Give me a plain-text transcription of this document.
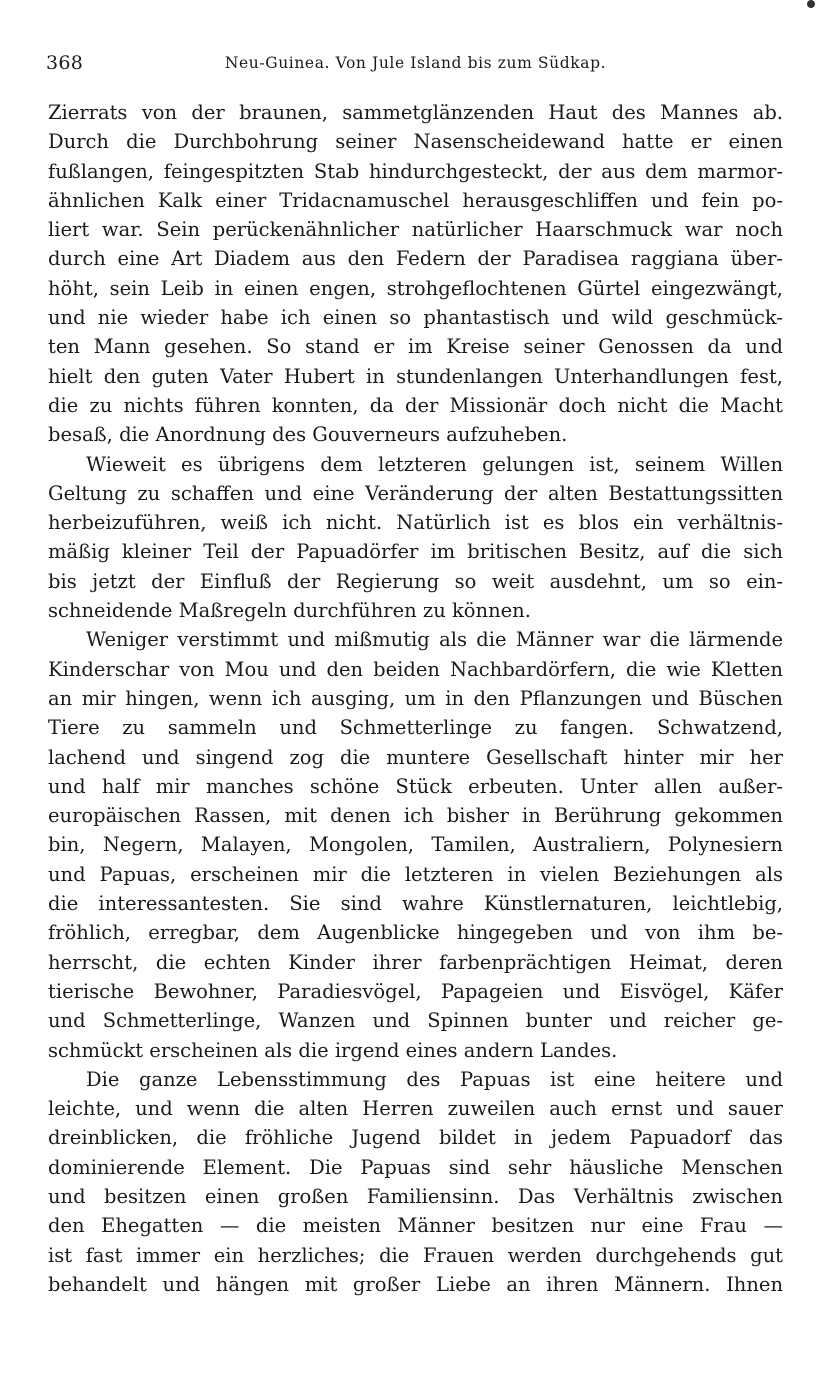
368	Neu-Guinea. Von Jule Island bis zum Südkap.
Zierrats von der braunen, sammetglänzenden Haut des Mannes ab.
Durch die Durchbohrung seiner Nasenscheidewand hatte er einen
fußlangen, feingespitzten Stab hindurchgesteckt, der aus dem marmor-
ähnlichen Kalk einer Tridacnamuschel herausgeschliffen und fein po-
liert war. Sein perückenähnlicher natürlicher Haarschmuck war noch
durch eine Art Diadem aus den Federn der Paradisea raggiana über-
höht, sein Leib in einen engen, strohgeflochtenen Gürtel eingezwängt,
und nie wieder habe ich einen so phantastisch und wild geschmück-
ten Mann gesehen. So stand er im Kreise seiner Genossen da und
hielt den guten Vater Hubert in stundenlangen Unterhandlungen fest,
die zu nichts führen konnten, da der Missionär doch nicht die Macht
besaß, die Anordnung des Gouverneurs aufzuheben.
Wieweit es übrigens dem letzteren gelungen ist, seinem Willen
Geltung zu schaffen und eine Veränderung der alten Bestattungssitten
herbeizuführen, weiß ich nicht. Natürlich ist es blos ein verhältnis-
mäßig kleiner Teil der Papuadörfer im britischen Besitz, auf die sich
bis jetzt der Einfluß der Regierung so weit ausdehnt, um so ein-
schneidende Maßregeln durchführen zu können.
Weniger verstimmt und mißmutig als die Männer war die lärmende
Kinderschar von Mou und den beiden Nachbardörfern, die wie Kletten
an mir hingen, wenn ich ausging, um in den Pflanzungen und Büschen
Tiere zu sammeln und Schmetterlinge zu fangen. Schwatzend,
lachend und singend zog die muntere Gesellschaft hinter mir her
und half mir manches schöne Stück erbeuten. Unter allen außer-
europäischen Rassen, mit denen ich bisher in Berührung gekommen
bin, Negern, Malayen, Mongolen, Tamilen, Australiern, Polynesiern
und Papuas, erscheinen mir die letzteren in vielen Beziehungen als
die interessantesten. Sie sind wahre Künstlernaturen, leichtlebig,
fröhlich, erregbar, dem Augenblicke hingegeben und von ihm be-
herrscht, die echten Kinder ihrer farbenprächtigen Heimat, deren
tierische Bewohner, Paradiesvögel, Papageien und Eisvögel, Käfer
und Schmetterlinge, Wanzen und Spinnen bunter und reicher ge-
schmückt erscheinen als die irgend eines andern Landes.
Die ganze Lebensstimmung des Papuas ist eine heitere und
leichte, und wenn die alten Herren zuweilen auch ernst und sauer
dreinblicken, die fröhliche Jugend bildet in jedem Papuadorf das
dominierende Element. Die Papuas sind sehr häusliche Menschen
und besitzen einen großen Familiensinn. Das Verhältnis zwischen
den Ehegatten — die meisten Männer besitzen nur eine Frau —
ist fast immer ein herzliches; die Frauen werden durchgehends gut
behandelt und hängen mit großer Liebe an ihren Männern. Ihnen
